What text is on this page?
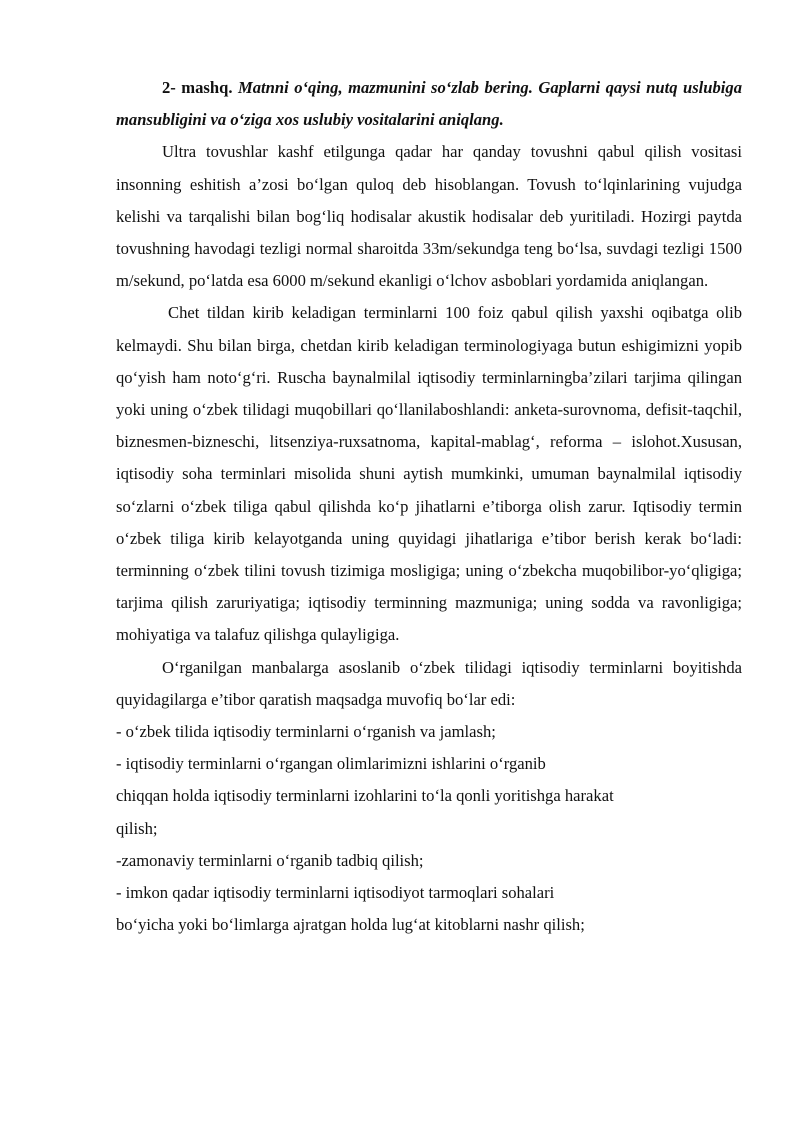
2- mashq. Matnni o‘qing, mazmunini so‘zlab bering. Gaplarni qaysi nutq uslubiga mansubligini va o‘ziga xos uslubiy vositalarini aniqlang.

Ultra tovushlar kashf etilgunga qadar har qanday tovushni qabul qilish vositasi insonning eshitish a’zosi bo‘lgan quloq deb hisoblangan. Tovush to‘lqinlarining vujudga kelishi va tarqalishi bilan bog‘liq hodisalar akustik hodisalar deb yuritiladi. Hozirgi paytda tovushning havodagi tezligi normal sharoitda 33m/sekundga teng bo‘lsa, suvdagi tezligi 1500 m/sekund, po‘latda esa 6000 m/sekund ekanligi o‘lchov asboblari yordamida aniqlangan.

Chet tildan kirib keladigan terminlarni 100 foiz qabul qilish yaxshi oqibatga olib kelmaydi. Shu bilan birga, chetdan kirib keladigan terminologiyaga butun eshigimizni yopib qo‘yish ham noto‘g‘ri. Ruscha baynalmilal iqtisodiy terminlarningba’zilari tarjima qilingan yoki uning o‘zbek tilidagi muqobillari qo‘llanilaboshlandi: anketa-surovnoma, defisit-taqchil, biznesmen-bizneschi, litsenziya-ruxsatnoma, kapital-mablag‘, reforma – islohot.Xususan, iqtisodiy soha terminlari misolida shuni aytish mumkinki, umuman baynalmilal iqtisodiy so‘zlarni o‘zbek tiliga qabul qilishda ko‘p jihatlarni e’tiborga olish zarur. Iqtisodiy termin o‘zbek tiliga kirib kelayotganda uning quyidagi jihatlariga e’tibor berish kerak bo‘ladi: terminning o‘zbek tilini tovush tizimiga mosligiga; uning o‘zbekcha muqobilibor-yo‘qligiga; tarjima qilish zaruriyatiga; iqtisodiy terminning mazmuniga; uning sodda va ravonligiga; mohiyatiga va talafuz qilishga qulayligiga.

O‘rganilgan manbalarga asoslanib o‘zbek tilidagi iqtisodiy terminlarni boyitishda quyidagilarga e’tibor qaratish maqsadga muvofiq bo‘lar edi:

- o‘zbek tilida iqtisodiy terminlarni o‘rganish va jamlash;

- iqtisodiy terminlarni o‘rgangan olimlarimizni ishlarini o‘rganib

chiqqan holda iqtisodiy terminlarni izohlarini to‘la qonli yoritishga harakat

qilish;

-zamonaviy terminlarni o‘rganib tadbiq qilish;

- imkon qadar iqtisodiy terminlarni iqtisodiyot tarmoqlari sohalari

bo‘yicha yoki bo‘limlarga ajratgan holda lug‘at kitoblarni nashr qilish;
